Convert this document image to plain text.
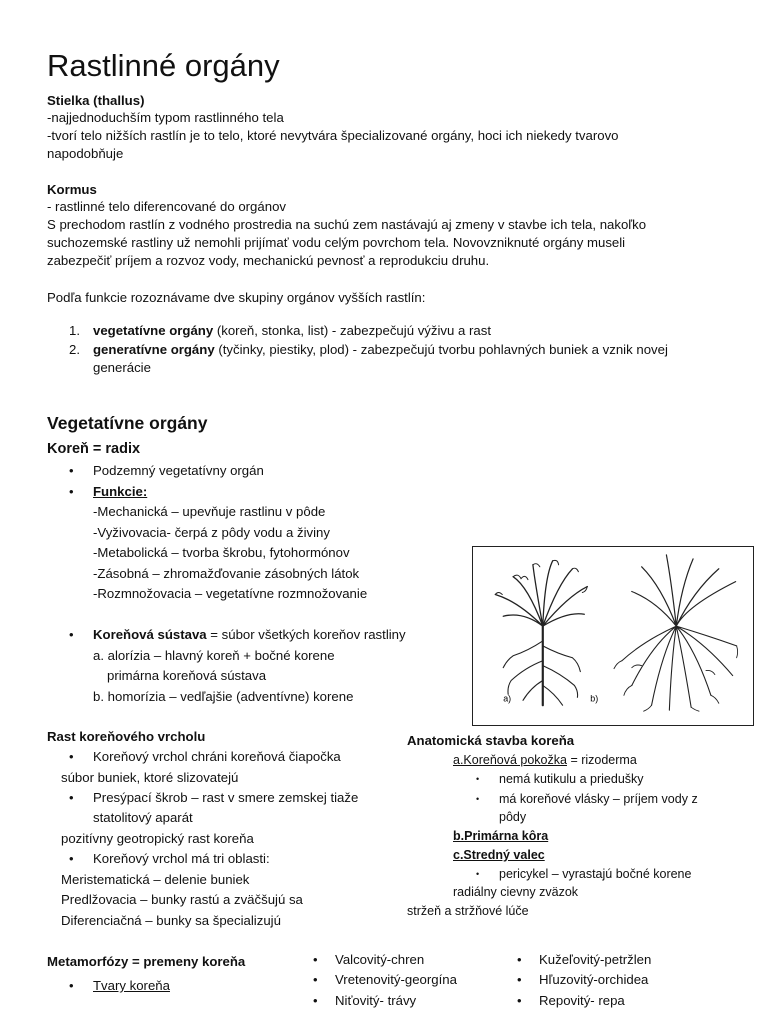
Rastlinné orgány
Stielka (thallus)
-najjednoduchším typom rastlinného tela
-tvorí telo nižších rastlín je to telo, ktoré nevytvára špecializované orgány, hoci ich niekedy tvarovo
napodobňuje
Kormus
- rastlinné telo diferencované do orgánov
S prechodom rastlín z vodného prostredia na suchú zem nastávajú aj zmeny v stavbe ich tela, nakoľko
suchozemské rastliny už nemohli prijímať vodu celým povrchom tela. Novovzniknuté orgány museli
zabezpečiť príjem a rozvoz vody, mechanickú pevnosť a reprodukciu druhu.
Podľa funkcie rozoznávame dve skupiny orgánov vyšších rastlín:
1. vegetatívne orgány (koreň, stonka, list) - zabezpečujú výživu a rast
2. generatívne orgány (tyčinky, piestiky, plod) - zabezpečujú tvorbu pohlavných buniek a vznik novej
generácie
Vegetatívne orgány
Koreň = radix
• Podzemný vegetatívny orgán
• Funkcie:
-Mechanická – upevňuje rastlinu v pôde
-Vyživovacia- čerpá z pôdy vodu a živiny
-Metabolická – tvorba škrobu, fytohormónov
-Zásobná – zhromažďovanie zásobných látok
-Rozmnožovacia – vegetatívne rozmnožovanie
• Koreňová sústava = súbor všetkých koreňov rastliny
a. alorízia – hlavný koreň + bočné korene
primárna koreňová sústava
b. homorízia – vedľajšie (adventívne) korene	a)	b)
Rast koreňového vrcholu
• Koreňový vrchol chráni koreňová čiapočka
súbor buniek, ktoré slizovatejú
• Presýpací škrob – rast v smere zemskej tiaže
statolitový aparát
pozitívny geotropický rast koreňa
• Koreňový vrchol má tri oblasti:
Meristematická – delenie buniek
Predlžovacia – bunky rastú a zväčšujú sa
Diferenciačná – bunky sa špecializujú
Anatomická stavba koreňa
a.Koreňová pokožka = rizoderma
• nemá kutikulu a priedušky
• má koreňové vlásky – príjem vody z
pôdy
b.Primárna kôra
c.Stredný valec
• pericykel – vyrastajú bočné korene
radiálny cievny zväzok
stržeň a stržňové lúče
Metamorfózy = premeny koreňa
• Tvary koreňa
• Valcovitý-chren
• Vretenovitý-georgína
• Niťovitý- trávy
• Kužeľovitý-petržlen
• Hľuzovitý-orchidea
• Repovitý- repa
